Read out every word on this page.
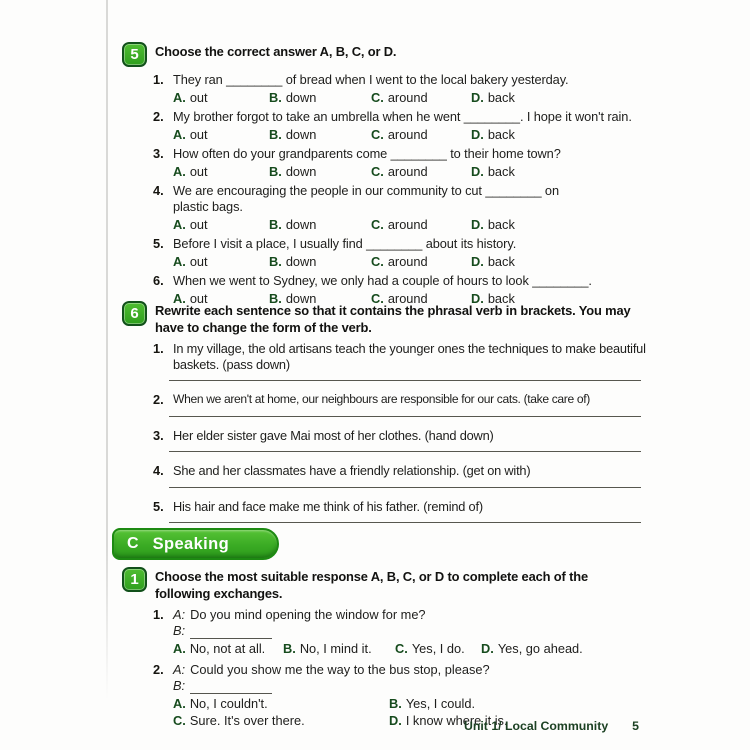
5	Choose the correct answer A, B, C, or D.
1. They ran ________ of bread when I went to the local bakery yesterday.

A. out	B. down	C. around	D. back
2. My brother forgot to take an umbrella when he went ________. I hope it won't rain.

A. out	B. down	C. around	D. back
3. How often do your grandparents come ________ to their home town?

A. out	B. down	C. around	D. back
4. We are encouraging the people in our community to cut ________ on plastic bags.

A. out	B. down	C. around	D. back
5. Before I visit a place, I usually find ________ about its history.

A. out	B. down	C. around	D. back
6. When we went to Sydney, we only had a couple of hours to look ________.

A. out	B. down	C. around	D. back
6	Rewrite each sentence so that it contains the phrasal verb in brackets. You may have to change the form of the verb.
1. In my village, the old artisans teach the younger ones the techniques to make beautiful baskets. (pass down)

2. When we aren't at home, our neighbours are responsible for our cats. (take care of)

3. Her elder sister gave Mai most of her clothes. (hand down)

4. She and her classmates have a friendly relationship. (get on with)

5. His hair and face make me think of his father. (remind of)

C Speaking
1	Choose the most suitable response A, B, C, or D to complete each of the following exchanges.
1. A: Do you mind opening the window for me?
B:
A. No, not at all.	B. No, I mind it.	C. Yes, I do.	D. Yes, go ahead.
2. A: Could you show me the way to the bus stop, please?
B:
A. No, I couldn't.	B. Yes, I could.
C. Sure. It's over there.	D. I know where it is.
Unit 1/ Local Community 5
